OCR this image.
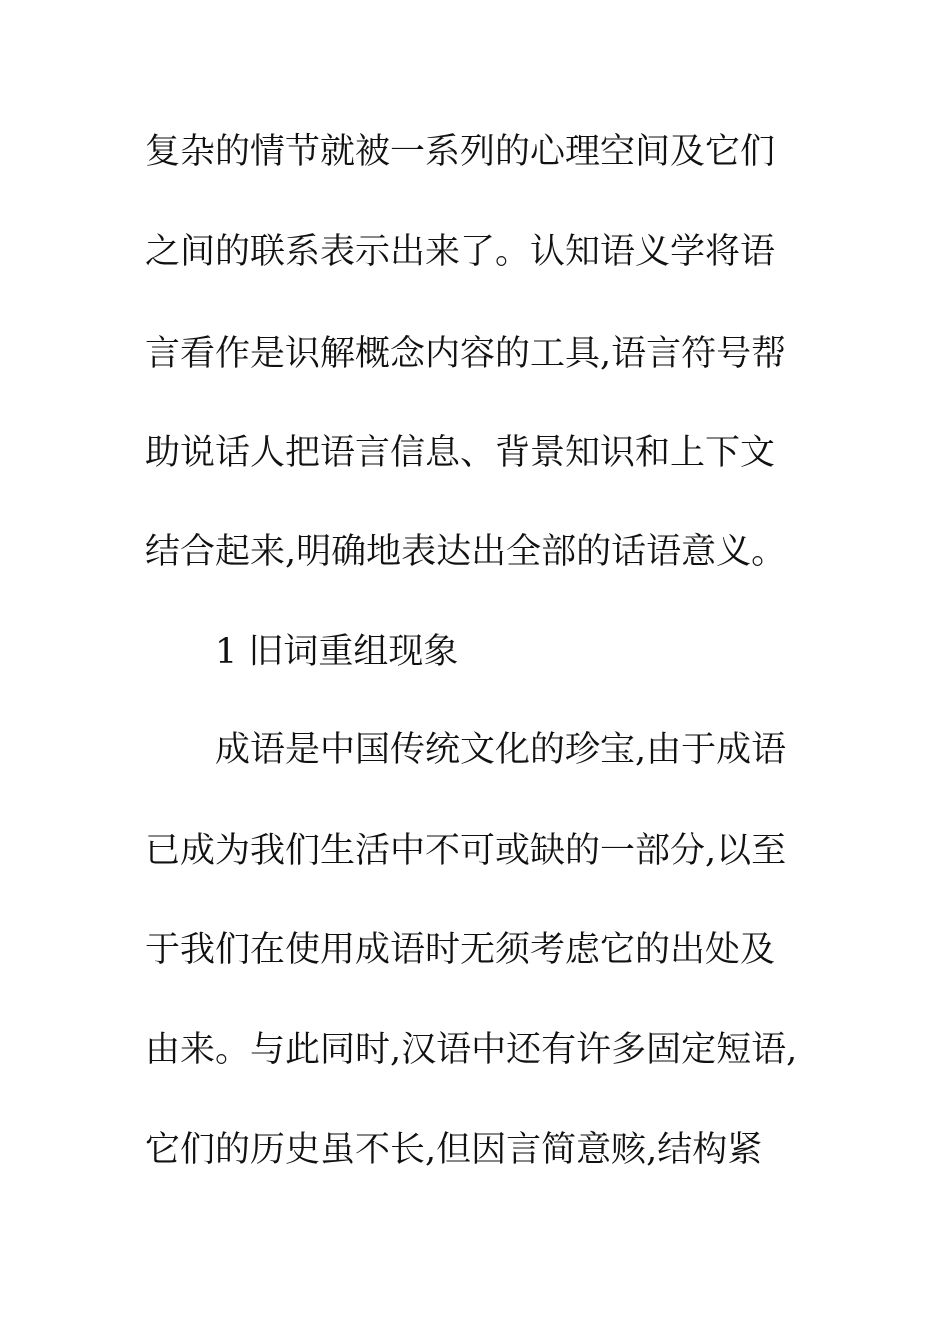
复杂的情节就被一系列的心理空间及它们
之间的联系表示出来了。认知语义学将语
言看作是识解概念内容的工具,语言符号帮
助说话人把语言信息、背景知识和上下文
结合起来,明确地表达出全部的话语意义。
1 旧词重组现象
成语是中国传统文化的珍宝,由于成语
已成为我们生活中不可或缺的一部分,以至
于我们在使用成语时无须考虑它的出处及
由来。与此同时,汉语中还有许多固定短语,
它们的历史虽不长,但因言简意赅,结构紧
